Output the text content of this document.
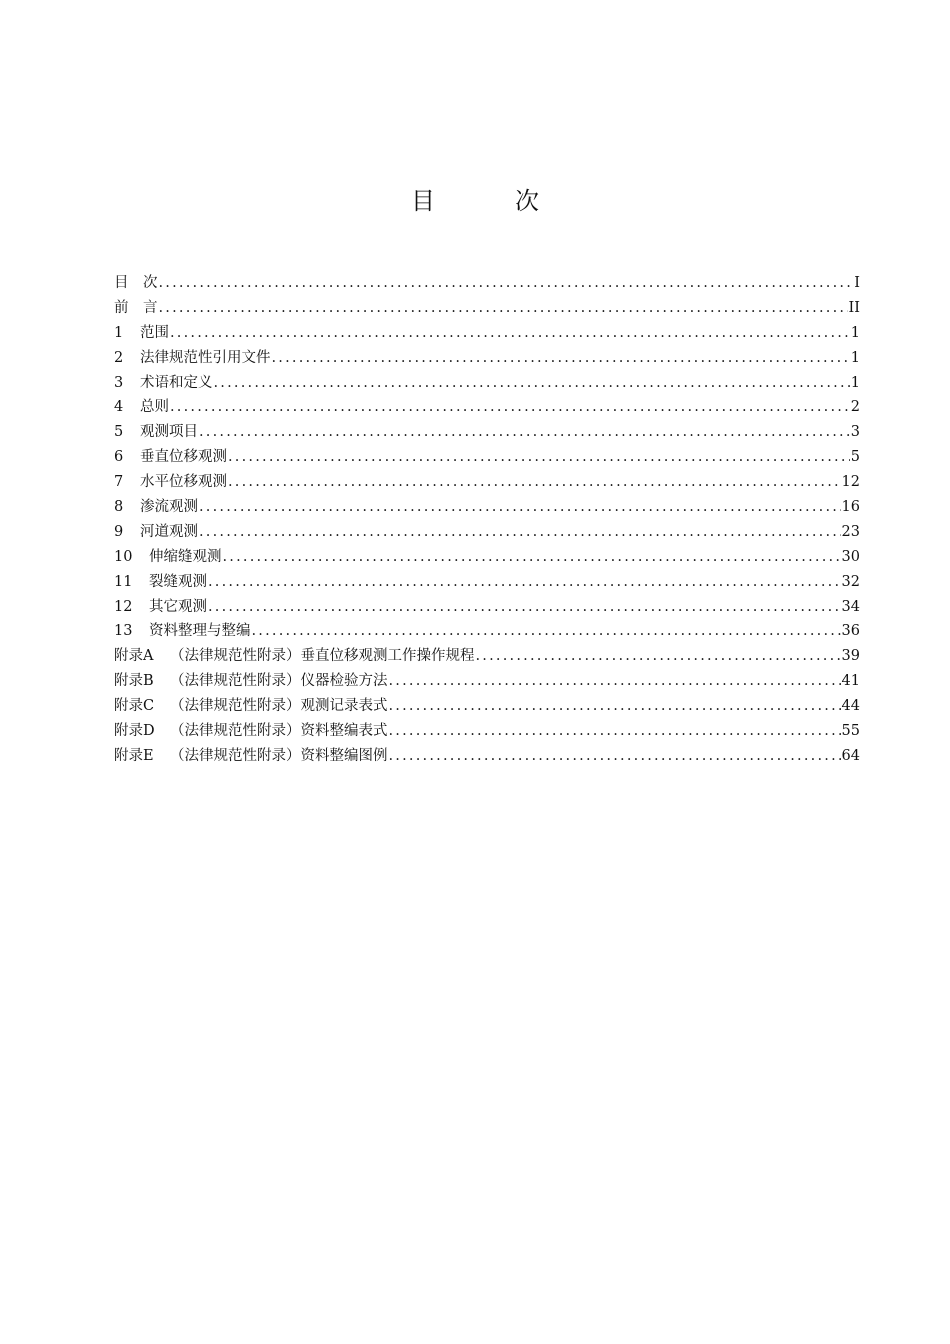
目　次
目　次 .....	I
前　言 .....	II
1	范围 .....	1
2	法律规范性引用文件 .....	1
3	术语和定义 .....	1
4	总则 .....	2
5	观测项目 .....	3
6	垂直位移观测 .....	5
7	水平位移观测 .....	12
8	渗流观测 .....	16
9	河道观测 .....	23
10	伸缩缝观测 .....	30
11	裂缝观测 .....	32
12	其它观测 .....	34
13	资料整理与整编 .....	36
附录A	（法律规范性附录）垂直位移观测工作操作规程 .....	39
附录B	（法律规范性附录）仪器检验方法 .....	41
附录C	（法律规范性附录）观测记录表式 .....	44
附录D	（法律规范性附录）资料整编表式 .....	55
附录E	（法律规范性附录）资料整编图例 .....	64
